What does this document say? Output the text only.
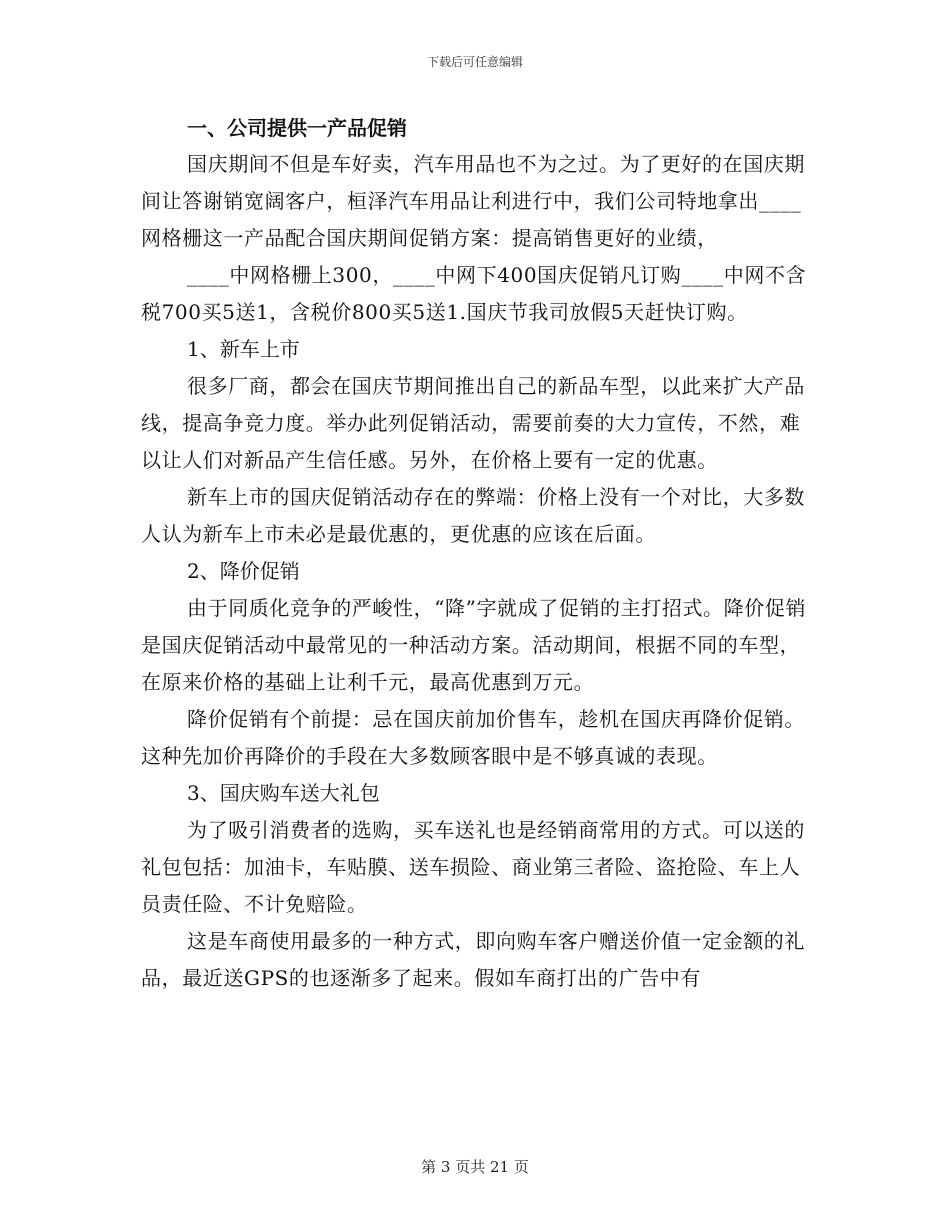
下载后可任意编辑

一、公司提供一产品促销

国庆期间不但是车好卖，汽车用品也不为之过。为了更好的在国庆期间让答谢销宽阔客户，桓泽汽车用品让利进行中，我们公司特地拿出____网格栅这一产品配合国庆期间促销方案：提高销售更好的业绩，

____中网格栅上300，____中网下400国庆促销凡订购____中网不含税700买5送1，含税价800买5送1.国庆节我司放假5天赶快订购。

1、新车上市

很多厂商，都会在国庆节期间推出自己的新品车型，以此来扩大产品线，提高争竞力度。举办此列促销活动，需要前奏的大力宣传，不然，难以让人们对新品产生信任感。另外，在价格上要有一定的优惠。

新车上市的国庆促销活动存在的弊端：价格上没有一个对比，大多数人认为新车上市未必是最优惠的，更优惠的应该在后面。

2、降价促销

由于同质化竞争的严峻性，“降”字就成了促销的主打招式。降价促销是国庆促销活动中最常见的一种活动方案。活动期间，根据不同的车型，在原来价格的基础上让利千元，最高优惠到万元。

降价促销有个前提：忌在国庆前加价售车，趁机在国庆再降价促销。这种先加价再降价的手段在大多数顾客眼中是不够真诚的表现。

3、国庆购车送大礼包

为了吸引消费者的选购，买车送礼也是经销商常用的方式。可以送的礼包包括：加油卡，车贴膜、送车损险、商业第三者险、盗抢险、车上人员责任险、不计免赔险。

这是车商使用最多的一种方式，即向购车客户赠送价值一定金额的礼品，最近送GPS的也逐渐多了起来。假如车商打出的广告中有

第 3 页共 21 页
